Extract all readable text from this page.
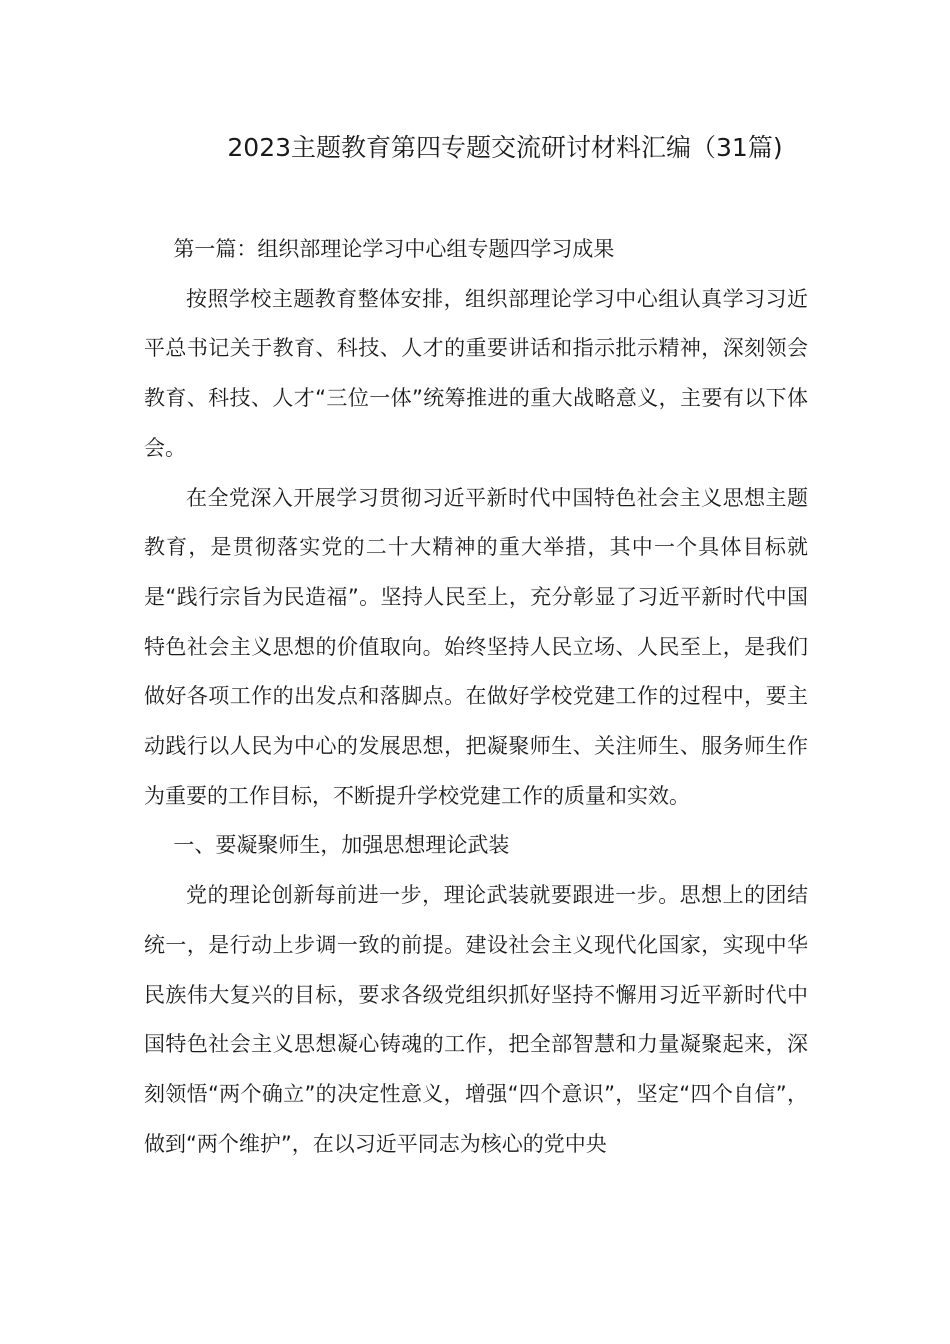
2023主题教育第四专题交流研讨材料汇编（31篇)

第一篇：组织部理论学习中心组专题四学习成果

按照学校主题教育整体安排，组织部理论学习中心组认真学习习近平总书记关于教育、科技、人才的重要讲话和指示批示精神，深刻领会教育、科技、人才“三位一体”统筹推进的重大战略意义，主要有以下体会。

在全党深入开展学习贯彻习近平新时代中国特色社会主义思想主题教育，是贯彻落实党的二十大精神的重大举措，其中一个具体目标就是“践行宗旨为民造福”。坚持人民至上，充分彰显了习近平新时代中国特色社会主义思想的价值取向。始终坚持人民立场、人民至上，是我们做好各项工作的出发点和落脚点。在做好学校党建工作的过程中，要主动践行以人民为中心的发展思想，把凝聚师生、关注师生、服务师生作为重要的工作目标，不断提升学校党建工作的质量和实效。

一、要凝聚师生，加强思想理论武装

党的理论创新每前进一步，理论武装就要跟进一步。思想上的团结统一，是行动上步调一致的前提。建设社会主义现代化国家，实现中华民族伟大复兴的目标，要求各级党组织抓好坚持不懈用习近平新时代中国特色社会主义思想凝心铸魂的工作，把全部智慧和力量凝聚起来，深刻领悟“两个确立”的决定性意义，增强“四个意识”，坚定“四个自信”，做到“两个维护”，在以习近平同志为核心的党中央
